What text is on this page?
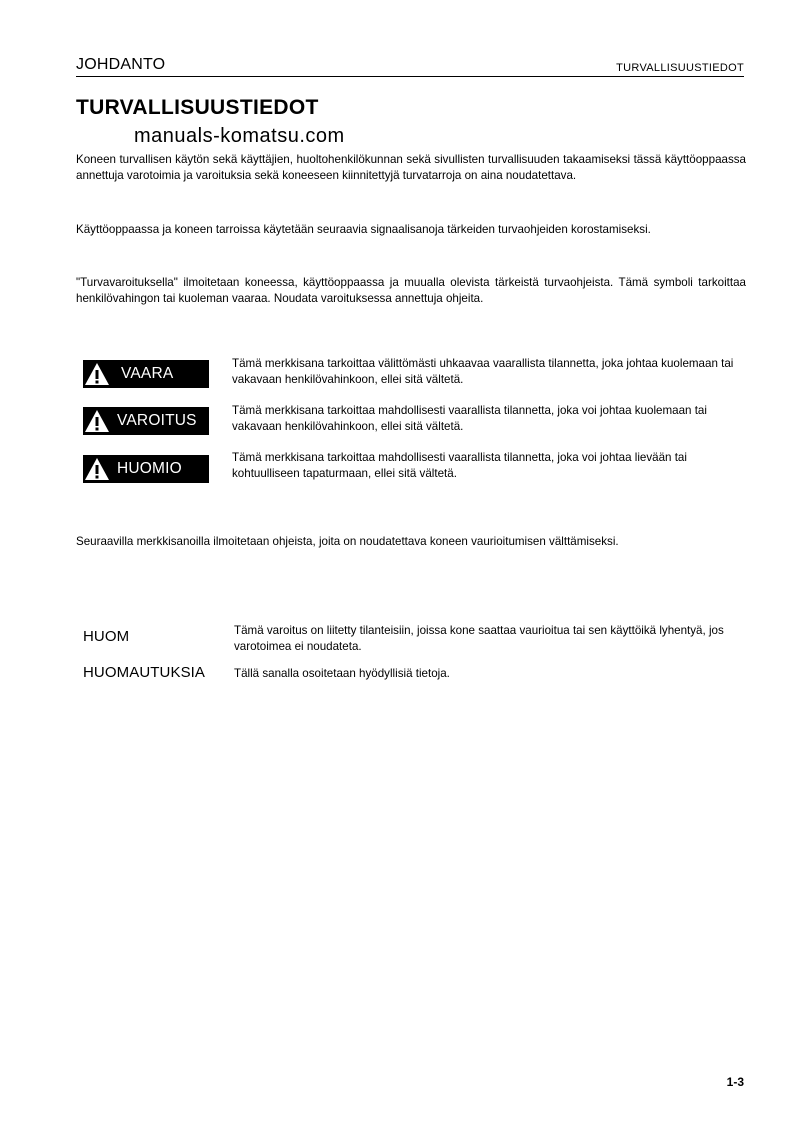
JOHDANTO	TURVALLISUUSTIEDOT
TURVALLISUUSTIEDOT
manuals-komatsu.com
Koneen turvallisen käytön sekä käyttäjien, huoltohenkilökunnan sekä sivullisten turvallisuuden takaamiseksi tässä käyttöoppaassa annettuja varotoimia ja varoituksia sekä koneeseen kiinnitettyjä turvatarroja on aina noudatettava.
Käyttöoppaassa ja koneen tarroissa käytetään seuraavia signaalisanoja tärkeiden turvaohjeiden korostamiseksi.
"Turvavaroituksella" ilmoitetaan koneessa, käyttöoppaassa ja muualla olevista tärkeistä turvaohjeista. Tämä symboli tarkoittaa henkilövahingon tai kuoleman vaaraa. Noudata varoituksessa annettuja ohjeita.
VAARA
Tämä merkkisana tarkoittaa välittömästi uhkaavaa vaarallista tilannetta, joka johtaa kuolemaan tai vakavaan henkilövahinkoon, ellei sitä vältetä.
VAROITUS
Tämä merkkisana tarkoittaa mahdollisesti vaarallista tilannetta, joka voi johtaa kuolemaan tai vakavaan henkilövahinkoon, ellei sitä vältetä.
HUOMIO
Tämä merkkisana tarkoittaa mahdollisesti vaarallista tilannetta, joka voi johtaa lievään tai kohtuulliseen tapaturmaan, ellei sitä vältetä.
Seuraavilla merkkisanoilla ilmoitetaan ohjeista, joita on noudatettava koneen vaurioitumisen välttämiseksi.
HUOM	Tämä varoitus on liitetty tilanteisiin, joissa kone saattaa vaurioitua tai sen käyttöikä lyhentyä, jos varotoimea ei noudateta.
HUOMAUTUKSIA Tällä sanalla osoitetaan hyödyllisiä tietoja.
1-3
